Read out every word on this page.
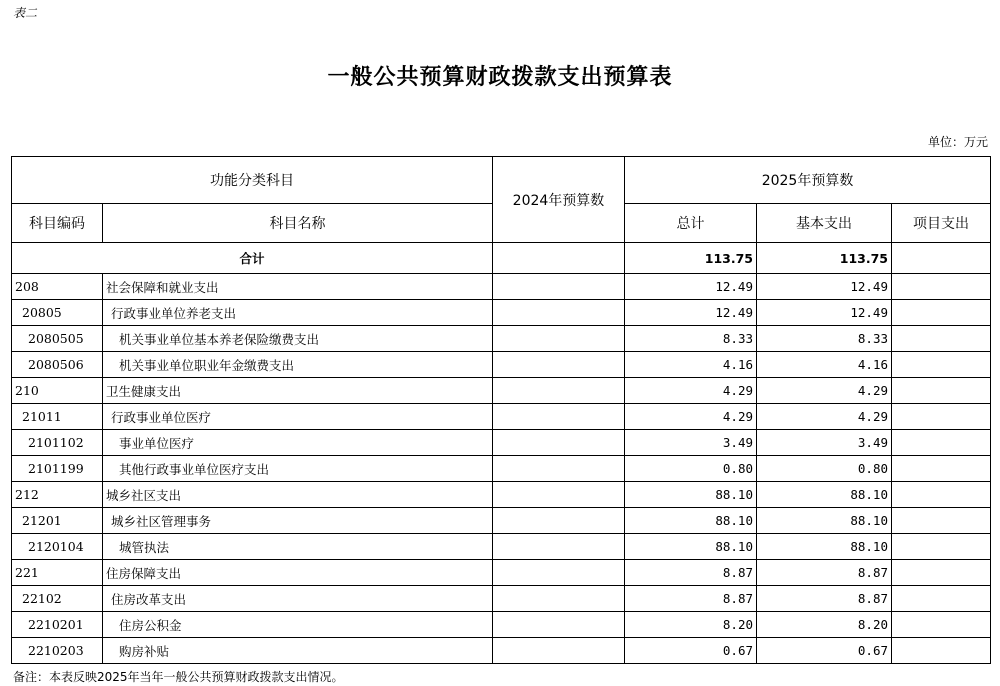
表二
一般公共预算财政拨款支出预算表
单位：万元
功能分类科目		2024年预算数	2025年预算数		
科目编码	科目名称		总计	基本支出	项目支出
合计			113.75	113.75	
208	社会保障和就业支出		12.49	12.49	
20805	行政事业单位养老支出		12.49	12.49	
2080505	机关事业单位基本养老保险缴费支出		8.33	8.33	
2080506	机关事业单位职业年金缴费支出		4.16	4.16	
210	卫生健康支出		4.29	4.29	
21011	行政事业单位医疗		4.29	4.29	
2101102	事业单位医疗		3.49	3.49	
2101199	其他行政事业单位医疗支出		0.80	0.80	
212	城乡社区支出		88.10	88.10	
21201	城乡社区管理事务		88.10	88.10	
2120104	城管执法		88.10	88.10	
221	住房保障支出		8.87	8.87	
22102	住房改革支出		8.87	8.87	
2210201	住房公积金		8.20	8.20	
2210203	购房补贴		0.67	0.67	
备注：本表反映2025年当年一般公共预算财政拨款支出情况。
